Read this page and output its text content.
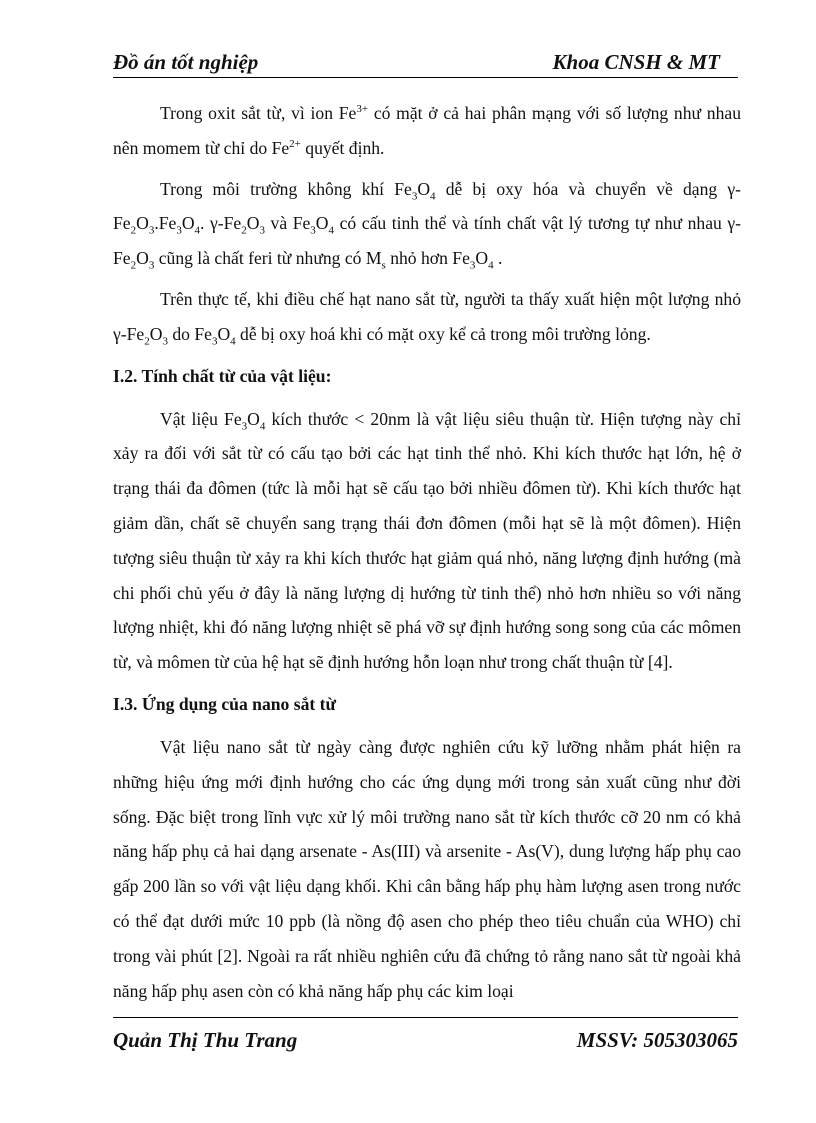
Đồ án tốt nghiệp	Khoa CNSH & MT

Trong oxit sắt từ, vì ion $Fe^{3+}$ có mặt ở cả hai phân mạng với số lượng như nhau nên momem từ chỉ do $Fe^{2+}$ quyết định.

Trong môi trường không khí $Fe_3O_4$ dễ bị oxy hóa và chuyển về dạng $\gamma-Fe_2O_3.Fe_3O_4$. $\gamma-Fe_2O_3$ và $Fe_3O_4$ có cấu tinh thể và tính chất vật lý tương tự như nhau $\gamma-Fe_2O_3$ cũng là chất feri từ nhưng có $M_s$ nhỏ hơn $Fe_3O_4$ .

Trên thực tế, khi điều chế hạt nano sắt từ, người ta thấy xuất hiện một lượng nhỏ $\gamma-Fe_2O_3$ do $Fe_3O_4$ dễ bị oxy hoá khi có mặt oxy kể cả trong môi trường lỏng.

I.2. Tính chất từ của vật liệu:

Vật liệu $Fe_3O_4$ kích thước < 20nm là vật liệu siêu thuận từ. Hiện tượng này chỉ xảy ra đối với sắt từ có cấu tạo bởi các hạt tinh thể nhỏ. Khi kích thước hạt lớn, hệ ở trạng thái đa đômen (tức là mỗi hạt sẽ cấu tạo bởi nhiều đômen từ). Khi kích thước hạt giảm dần, chất sẽ chuyển sang trạng thái đơn đômen (mỗi hạt sẽ là một đômen). Hiện tượng siêu thuận từ xảy ra khi kích thước hạt giảm quá nhỏ, năng lượng định hướng (mà chi phối chủ yếu ở đây là năng lượng dị hướng từ tinh thể) nhỏ hơn nhiều so với năng lượng nhiệt, khi đó năng lượng nhiệt sẽ phá vỡ sự định hướng song song của các mômen từ, và mômen từ của hệ hạt sẽ định hướng hỗn loạn như trong chất thuận từ [4].

I.3. Ứng dụng của nano sắt từ

Vật liệu nano sắt từ ngày càng được nghiên cứu kỹ lưỡng nhằm phát hiện ra những hiệu ứng mới định hướng cho các ứng dụng mới trong sản xuất cũng như đời sống. Đặc biệt trong lĩnh vực xử lý môi trường nano sắt từ kích thước cỡ 20 nm có khả năng hấp phụ cả hai dạng arsenate - As(III) và arsenite - As(V), dung lượng hấp phụ cao gấp 200 lần so với vật liệu dạng khối. Khi cân bằng hấp phụ hàm lượng asen trong nước có thể đạt dưới mức 10 ppb (là nồng độ asen cho phép theo tiêu chuẩn của WHO) chỉ trong vài phút [2]. Ngoài ra rất nhiều nghiên cứu đã chứng tỏ rằng nano sắt từ ngoài khả năng hấp phụ asen còn có khả năng hấp phụ các kim loại

Quản Thị Thu Trang	MSSV: 505303065
